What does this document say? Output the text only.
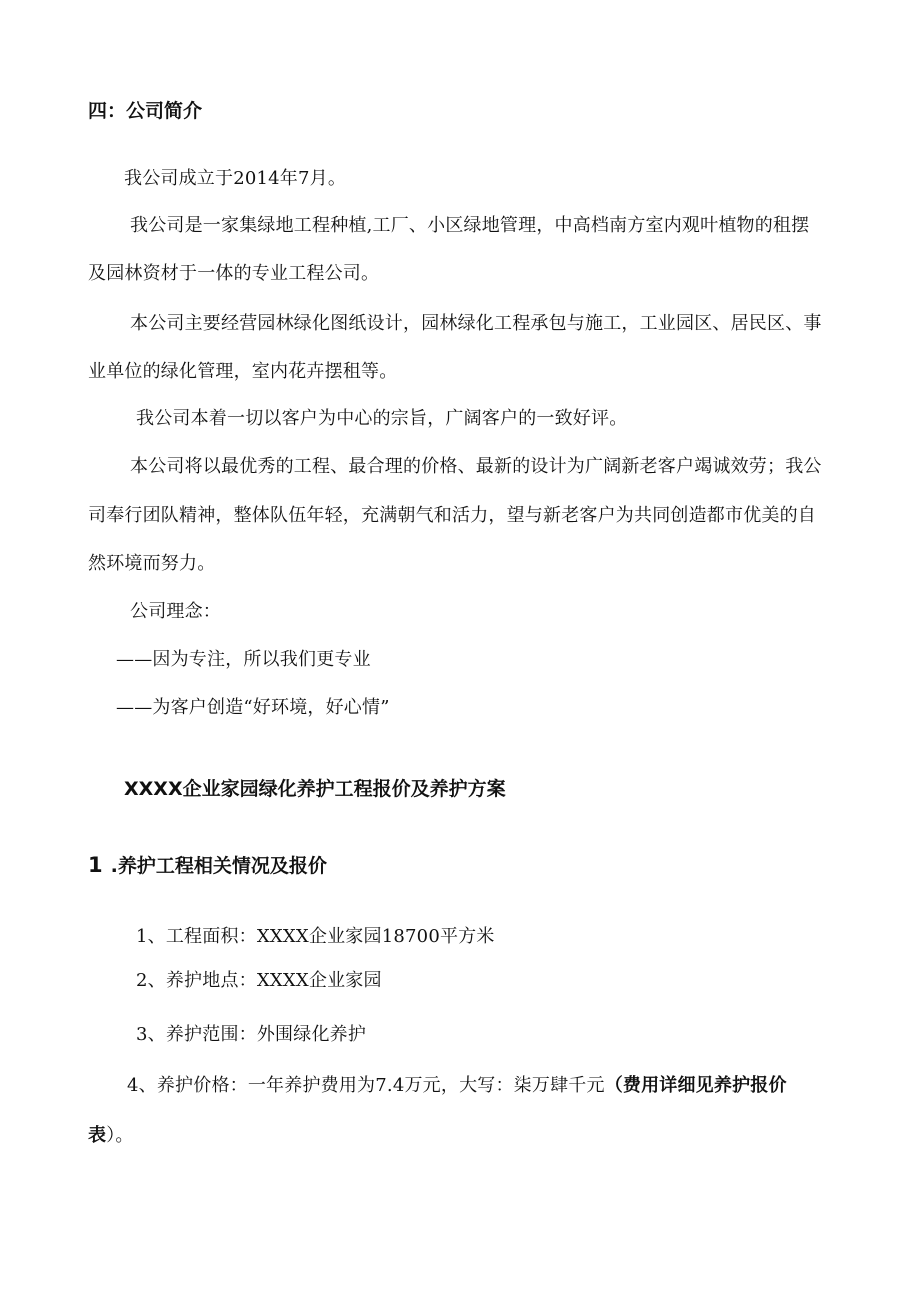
四：公司简介
我公司成立于2014年7月。
我公司是一家集绿地工程种植,工厂、小区绿地管理，中高档南方室内观叶植物的租摆
及园林资材于一体的专业工程公司。
本公司主要经营园林绿化图纸设计，园林绿化工程承包与施工，工业园区、居民区、事
业单位的绿化管理，室内花卉摆租等。
我公司本着一切以客户为中心的宗旨，广阔客户的一致好评。
本公司将以最优秀的工程、最合理的价格、最新的设计为广阔新老客户竭诚效劳；我公
司奉行团队精神，整体队伍年轻，充满朝气和活力，望与新老客户为共同创造都市优美的自
然环境而努力。
公司理念：
——因为专注，所以我们更专业
——为客户创造“好环境，好心情”
XXXX企业家园绿化养护工程报价及养护方案
1 .养护工程相关情况及报价
1、工程面积：XXXX企业家园18700平方米
2、养护地点：XXXX企业家园
3、养护范围：外围绿化养护
4、养护价格：一年养护费用为7.4万元，大写：柒万肆千元（费用详细见养护报价
表）。
